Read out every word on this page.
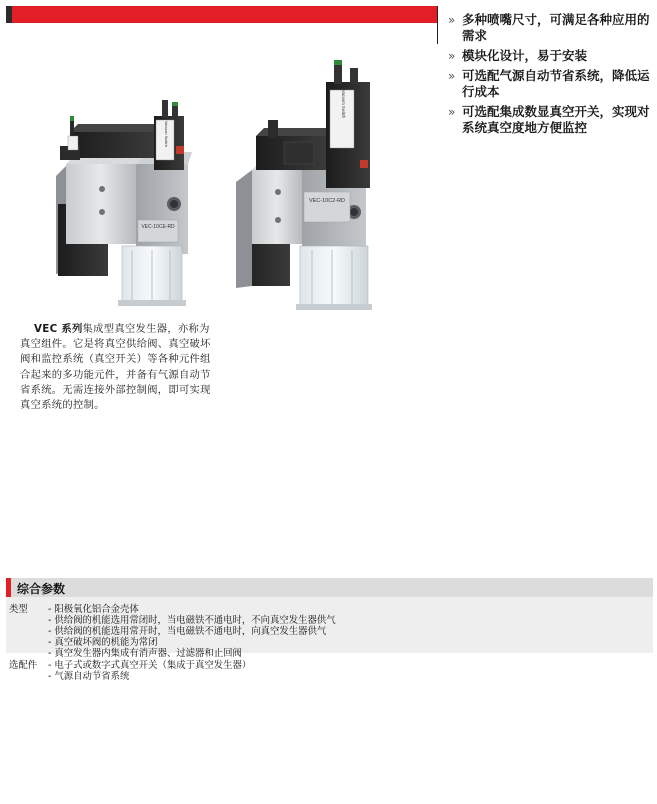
VEC-10CE-RD
Vacuum Switch
VEC-10C2-RD
Vacuum Switch
» 多种喷嘴尺寸，可满足各种应用的需求
» 模块化设计，易于安装
» 可选配气源自动节省系统，降低运行成本
» 可选配集成数显真空开关，实现对系统真空度地方便监控

VEC 系列集成型真空发生器，亦称为真空组件。它是将真空供给阀、真空破坏阀和监控系统（真空开关）等各种元件组合起来的多功能元件，并备有气源自动节省系统。无需连接外部控制阀，即可实现真空系统的控制。

综合参数
类型 - 阳极氧化铝合金壳体
- 供给阀的机能选用常闭时，当电磁铁不通电时，不向真空发生器供气
- 供给阀的机能选用常开时，当电磁铁不通电时，向真空发生器供气
- 真空破坏阀的机能为常闭
- 真空发生器内集成有消声器、过滤器和止回阀
选配件 - 电子式或数字式真空开关（集成于真空发生器）
- 气源自动节省系统
